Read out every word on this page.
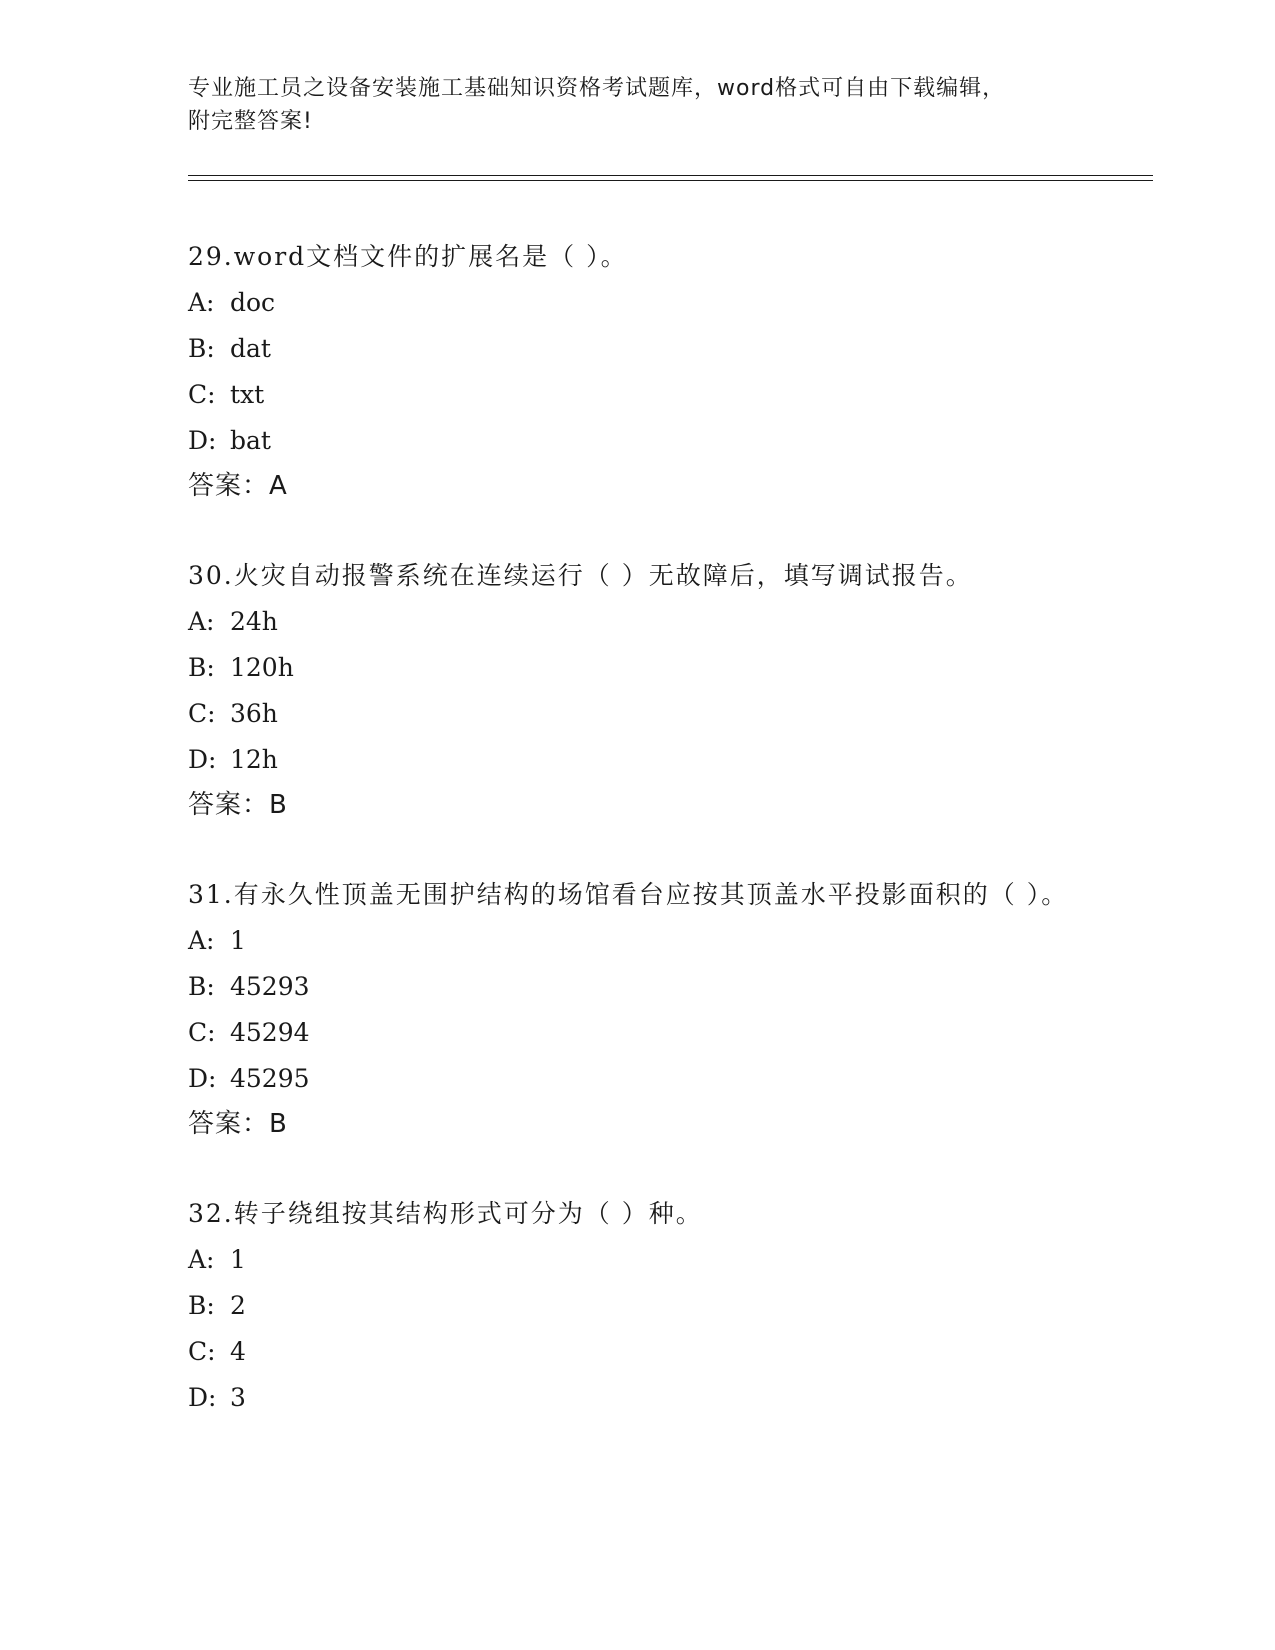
专业施工员之设备安装施工基础知识资格考试题库，word格式可自由下载编辑，
附完整答案!
29.word文档文件的扩展名是（ ）。
A: doc
B: dat
C: txt
D: bat
答案：A
30.火灾自动报警系统在连续运行（ ）无故障后，填写调试报告。
A: 24h
B: 120h
C: 36h
D: 12h
答案：B
31.有永久性顶盖无围护结构的场馆看台应按其顶盖水平投影面积的（ ）。
A: 1
B: 45293
C: 45294
D: 45295
答案：B
32.转子绕组按其结构形式可分为（ ）种。
A: 1
B: 2
C: 4
D: 3
